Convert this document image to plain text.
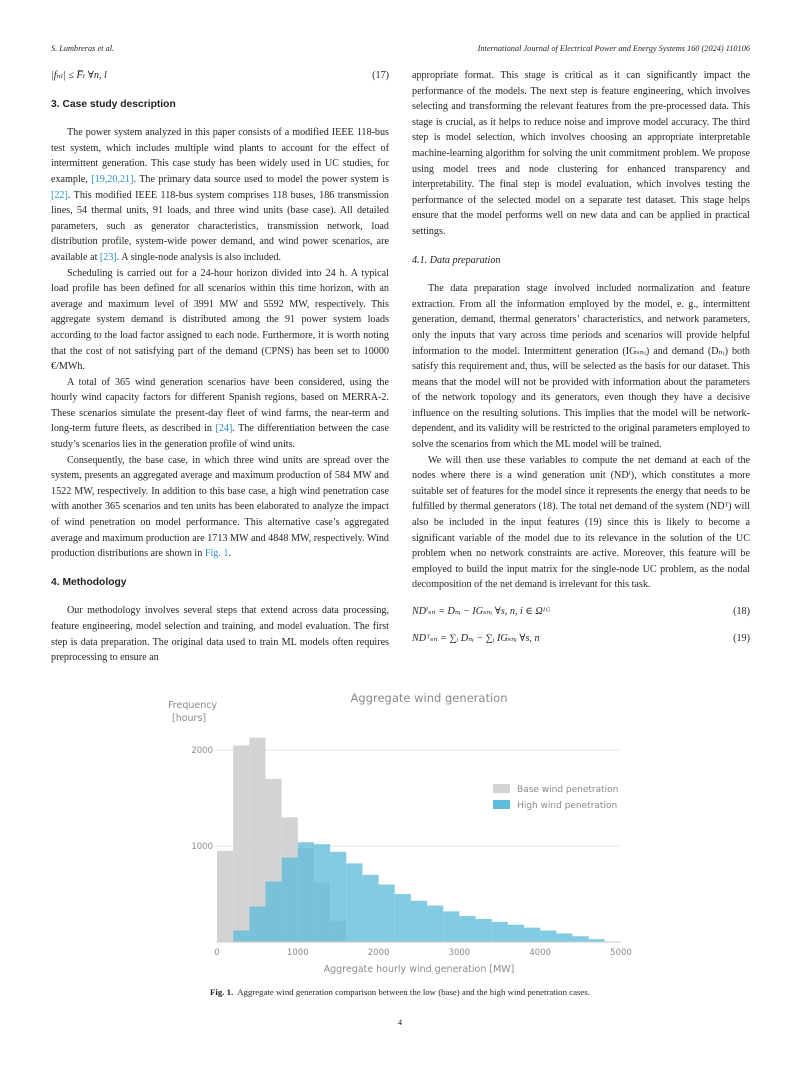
S. Lumbreras et al.	International Journal of Electrical Power and Energy Systems 160 (2024) 110106
|fₙₗ| ≤ F̅ₗ ∀n, l	(17)
3. Case study description

The power system analyzed in this paper consists of a modified IEEE 118-bus test system, which includes multiple wind plants to account for the effect of intermittent generation. This case study has been widely used in UC studies, for example, [19,20,21]. The primary data source used to model the power system is [22]. This modified IEEE 118-bus system comprises 118 buses, 186 transmission lines, 54 thermal units, 91 loads, and three wind units (base case). All detailed parameters, such as generator characteristics, transmission network, load distribution profile, system-wide power demand, and wind power scenarios, are available at [23]. A single-node analysis is also included.

Scheduling is carried out for a 24-hour horizon divided into 24 h. A typical load profile has been defined for all scenarios within this time horizon, with an average and maximum level of 3991 MW and 5592 MW, respectively. This aggregate system demand is distributed among the 91 power system loads according to the load factor assigned to each node. Furthermore, it is worth noting that the cost of not satisfying part of the demand (CPNS) has been set to 10000 €/MWh.

A total of 365 wind generation scenarios have been considered, using the hourly wind capacity factors for different Spanish regions, based on MERRA-2. These scenarios simulate the present-day fleet of wind farms, the near-term and long-term future fleets, as described in [24]. The differentiation between the case study’s scenarios lies in the generation profile of wind units.

Consequently, the base case, in which three wind units are spread over the system, presents an aggregated average and maximum production of 584 MW and 1522 MW, respectively. In addition to this base case, a high wind penetration case with another 365 scenarios and ten units has been elaborated to analyze the impact of wind penetration on model performance. This alternative case’s aggregated average and maximum production are 1713 MW and 4848 MW, respectively. Wind production distributions are shown in Fig. 1.

4. Methodology

Our methodology involves several steps that extend across data processing, feature engineering, model selection and training, and model evaluation. The first step is data preparation. The original data used to train ML models often requires preprocessing to ensure an

appropriate format. This stage is critical as it can significantly impact the performance of the models. The next step is feature engineering, which involves selecting and transforming the relevant features from the pre-processed data. This stage is crucial, as it helps to reduce noise and improve model accuracy. The third step is model selection, which involves choosing an appropriate interpretable machine-learning algorithm for solving the unit commitment problem. We propose using model trees and node clustering for enhanced transparency and interpretability. The final step is model evaluation, which involves testing the performance of the selected model on a separate test dataset. This stage helps ensure that the model performs well on new data and can be applied in practical settings.

4.1. Data preparation

The data preparation stage involved included normalization and feature extraction. From all the information employed by the model, e. g., intermittent generation, demand, thermal generators’ characteristics, and network parameters, only the inputs that vary across time periods and scenarios will provide helpful information to the model. Intermittent generation (IGₛₙᵢ) and demand (Dₙᵢ) both satisfy this requirement and, thus, will be selected as the basis for our dataset. This means that the model will not be provided with information about the parameters of the network topology and its generators, even though they have a decisive influence on the resulting solutions. This implies that the model will be network-dependent, and its validity will be restricted to the original parameters employed to solve the scenarios from which the ML model will be trained.

We will then use these variables to compute the net demand at each of the nodes where there is a wind generation unit (NDⁱ), which constitutes a more suitable set of features for the model since it represents the energy that needs to be fulfilled by thermal generators (18). The total net demand of the system (NDᵀ) will also be included in the input features (19) since this is likely to become a significant variable of the model due to its relevance in the solution of the UC problem when no network constraints are active. Moreover, this feature will be employed to build the input matrix for the single-node UC problem, as the nodal decomposition of the net demand is irrelevant for this task.

NDⁱₛₙ = Dₙᵢ − IGₛₙᵢ ∀s, n, i ∈ Ωᴵᴳ	(18)
NDᵀₛₙ = ∑ᵢ Dₙᵢ − ∑ᵢ IGₛₙᵢ ∀s, n	(19)
Aggregate wind generation
Frequency
[hours]
1000
2000
0	1000	2000	3000	4000	5000
Aggregate hourly wind generation [MW]
Base wind penetration
High wind penetration
Fig. 1. Aggregate wind generation comparison between the low (base) and the high wind penetration cases.
4
